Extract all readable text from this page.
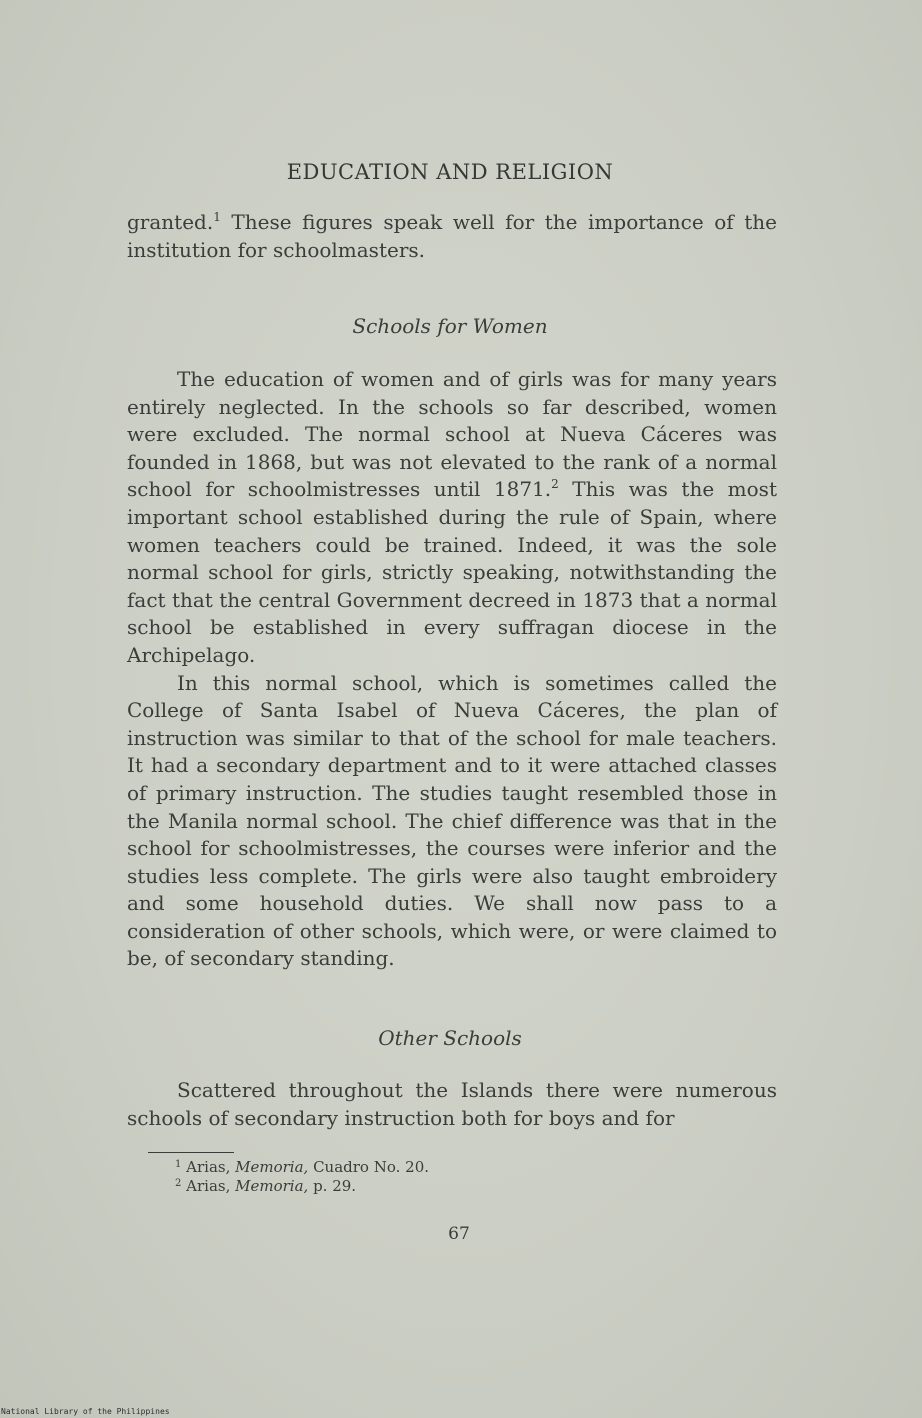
EDUCATION AND RELIGION

granted.$^1$ These figures speak well for the importance of the institution for schoolmasters.

Schools for Women

The education of women and of girls was for many years entirely neglected. In the schools so far described, women were excluded. The normal school at Nueva Cáceres was founded in 1868, but was not elevated to the rank of a normal school for schoolmistresses until 1871.$^2$ This was the most important school established during the rule of Spain, where women teachers could be trained. Indeed, it was the sole normal school for girls, strictly speaking, notwithstanding the fact that the central Government decreed in 1873 that a normal school be established in every suffragan diocese in the Archipelago.

In this normal school, which is sometimes called the College of Santa Isabel of Nueva Cáceres, the plan of instruction was similar to that of the school for male teachers. It had a secondary department and to it were attached classes of primary instruction. The studies taught resembled those in the Manila normal school. The chief difference was that in the school for schoolmistresses, the courses were inferior and the studies less complete. The girls were also taught embroidery and some household duties. We shall now pass to a consideration of other schools, which were, or were claimed to be, of secondary standing.

Other Schools

Scattered throughout the Islands there were numerous schools of secondary instruction both for boys and for

$^1$ Arias, Memoria, Cuadro No. 20.
$^2$ Arias, Memoria, p. 29.
67
National Library of the Philippines
